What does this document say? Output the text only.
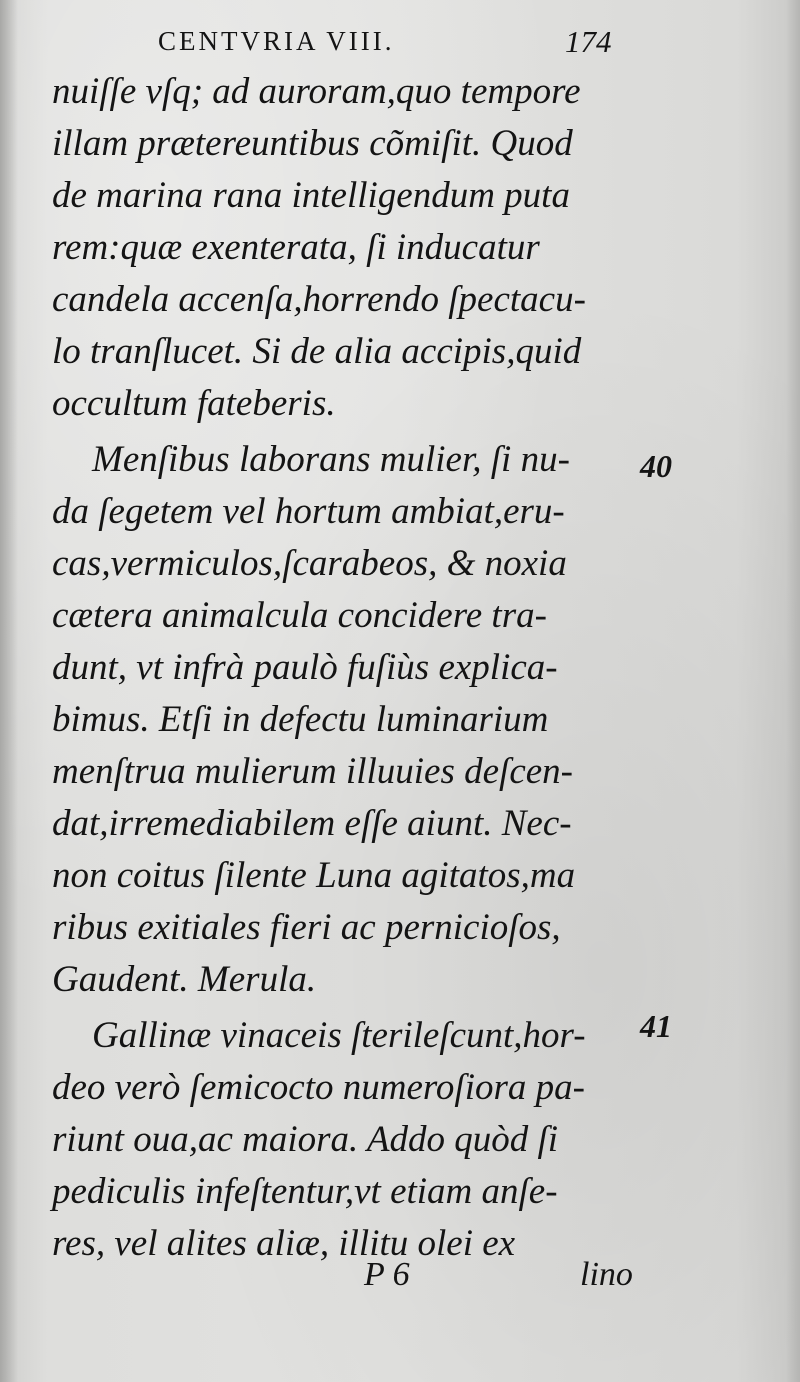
CENTVRIA VIII.	174
nuiſſe vſq; ad auroram,quo tempore
illam prætereuntibus cõmiſit. Quod
de marina rana intelligendum puta
rem:quæ exenterata, ſi inducatur
candela accenſa,horrendo ſpectacu-
lo tranſlucet. Si de alia accipis,quid
occultum fateberis.
Menſibus laborans mulier, ſi nu-
da ſegetem vel hortum ambiat,eru-
cas,vermiculos,ſcarabeos, & noxia
cætera animalcula concidere tra-
dunt, vt infrà paulò fuſiùs explica-
bimus. Etſi in defectu luminarium
menſtrua mulierum illuuies deſcen-
dat,irremediabilem eſſe aiunt. Nec-
non coitus ſilente Luna agitatos,ma
ribus exitiales fieri ac pernicioſos,
Gaudent. Merula.
Gallinæ vinaceis ſterileſcunt,hor-
deo verò ſemicocto numeroſiora pa-
riunt oua,ac maiora. Addo quòd ſi
pediculis infeſtentur,vt etiam anſe-
res, vel alites aliæ, illitu olei ex
40
41
P 6	lino
